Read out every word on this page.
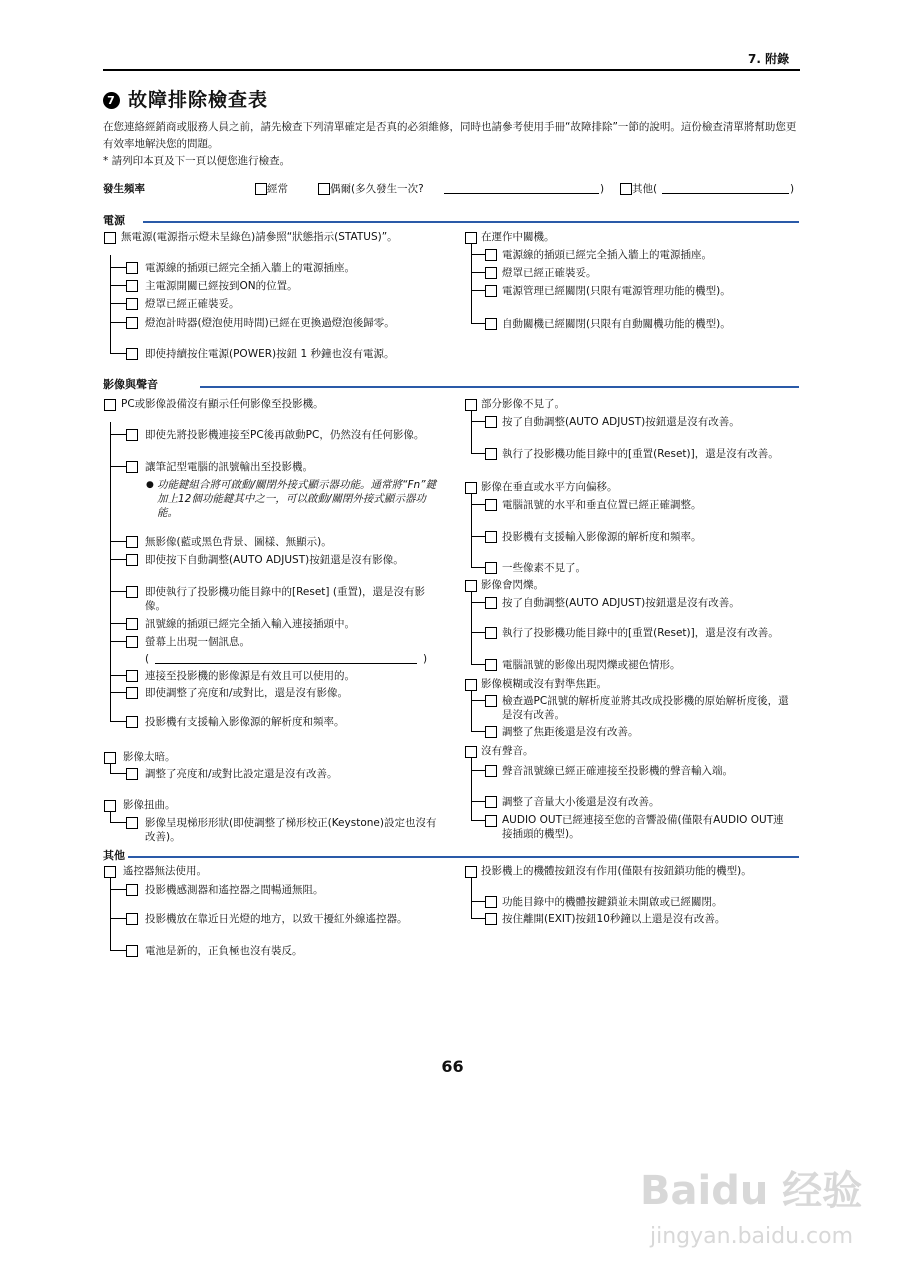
7. 附錄
7 故障排除檢查表
在您連絡經銷商或服務人員之前，請先檢查下列清單確定是否真的必須維修，同時也請參考使用手冊“故障排除”一節的說明。這份檢查清單將幫助您更有效率地解決您的問題。
* 請列印本頁及下一頁以便您進行檢查。
發生頻率	經常	偶爾(多久發生一次?	)	其他(	)
電源
無電源(電源指示燈未呈綠色)請參照“狀態指示(STATUS)”。
電源線的插頭已經完全插入牆上的電源插座。
主電源開關已經按到ON的位置。
燈罩已經正確裝妥。
燈泡計時器(燈泡使用時間)已經在更換過燈泡後歸零。
即使持續按住電源(POWER)按鈕 1 秒鐘也沒有電源。
在運作中關機。
電源線的插頭已經完全插入牆上的電源插座。
燈罩已經正確裝妥。
電源管理已經關閉(只限有電源管理功能的機型)。
自動關機已經關閉(只限有自動關機功能的機型)。
影像與聲音
PC或影像設備沒有顯示任何影像至投影機。
即使先將投影機連接至PC後再啟動PC，仍然沒有任何影像。
讓筆記型電腦的訊號輸出至投影機。
● 功能鍵組合將可啟動/關閉外接式顯示器功能。通常將“Fn”鍵加上12個功能鍵其中之一，可以啟動/關閉外接式顯示器功能。
無影像(藍或黑色背景、圖樣、無顯示)。
即使按下自動調整(AUTO ADJUST)按鈕還是沒有影像。
即使執行了投影機功能目錄中的[Reset] (重置)，還是沒有影像。
訊號線的插頭已經完全插入輸入連接插頭中。
螢幕上出現一個訊息。
(	)
連接至投影機的影像源是有效且可以使用的。
即使調整了亮度和/或對比，還是沒有影像。
投影機有支援輸入影像源的解析度和頻率。
影像太暗。
調整了亮度和/或對比設定還是沒有改善。
影像扭曲。
影像呈現梯形形狀(即使調整了梯形校正(Keystone)設定也沒有改善)。
部分影像不見了。
按了自動調整(AUTO ADJUST)按鈕還是沒有改善。
執行了投影機功能目錄中的[重置(Reset)]，還是沒有改善。
影像在垂直或水平方向偏移。
電腦訊號的水平和垂直位置已經正確調整。
投影機有支援輸入影像源的解析度和頻率。
一些像素不見了。
影像會閃爍。
按了自動調整(AUTO ADJUST)按鈕還是沒有改善。
執行了投影機功能目錄中的[重置(Reset)]，還是沒有改善。
電腦訊號的影像出現閃爍或褪色情形。
影像模糊或沒有對準焦距。
檢查過PC訊號的解析度並將其改成投影機的原始解析度後，還是沒有改善。
調整了焦距後還是沒有改善。
沒有聲音。
聲音訊號線已經正確連接至投影機的聲音輸入端。
調整了音量大小後還是沒有改善。
AUDIO OUT已經連接至您的音響設備(僅限有AUDIO OUT連接插頭的機型)。
其他
遙控器無法使用。
投影機感測器和遙控器之間暢通無阻。
投影機放在靠近日光燈的地方，以致干擾紅外線遙控器。
電池是新的，正負極也沒有裝反。
投影機上的機體按鈕沒有作用(僅限有按鈕鎖功能的機型)。
功能目錄中的機體按鍵鎖並未開啟或已經關閉。
按住離開(EXIT)按鈕10秒鐘以上還是沒有改善。
66
Baidu 经验
jingyan.baidu.com
